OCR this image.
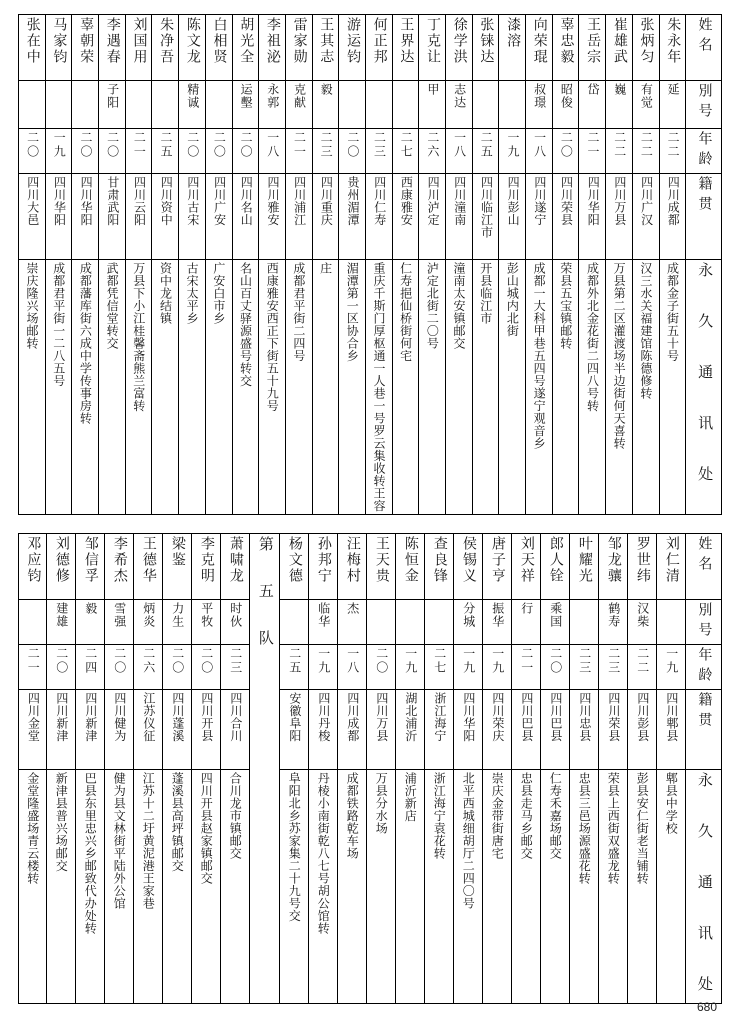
姓名	朱永年	张炳匀	崔雄武	王岳宗	辜忠毅	向荣琨	漆溶	张铼达	徐学洪	丁克让	王界达	何正邦	游运钧	王其志	雷家勋	李祖泌	胡光全	白相贤	陈文龙	朱净吾	刘国用	李遇春	辜朝荣	马家钧	张在中

別号	延	有觉	巍	岱	昭俊	叔璟			志达	甲				毅	克献	永郭	运墼		精诚			子阳			

年龄	二二	二二	二二	二一	二〇	一八	一九	二五	一八	二六	二七	二三	二〇	二三	二一	一八	二〇	二〇	二〇	二五	二一	二〇	二〇	一九	二〇

籍贯	四川成都	四川广汉	四川万县	四川华阳	四川荣县	四川遂宁	四川彭山	四川临江市	四川潼南	四川泸定	西康雅安	四川仁寿	贵州湄潭	四川重庆	四川浦江	四川雅安	四川名山	四川广安	四川古宋	四川资中	四川云阳	甘肃武阳	四川华阳	四川华阳	四川大邑

永 久 通 讯 处	成都金子街五十号	汉三水关福建馆陈德修转	万县第二区灌渡场半边街何天喜转	成都外北金花街二四八号转	荣县五宝镇邮转	成都一大科甲巷五四号遂宁观音乡	彭山城内北街	开县临江市	潼南太安镇邮交	泸定北街二〇号	仁寿挹仙桥街何宅	重庆千斯门厚枢通一人巷一号罗云集收转王容	湄潭第一区协合乡	庄	成都君平街二四号	西康雅安西正下街五十九号	名山百丈驿源盛号转交	广安白市乡	古宋太平乡	资中龙结镇	万县下小江桂馨斋熊兰富转	武都凭信堂转交	成都藩库街六成中学传事房转	成都君平街一二八五号	崇庆隆兴场邮转
姓名	刘仁清	罗世纬	邹龙骧	叶耀光	郎人铨	刘天祥	唐子亨	侯锡义	查良锋	陈恒金	王天贵	汪梅村	孙邦宁	杨文德	第 五 队	萧啸龙	李克明	梁鉴	王德华	李希杰	邹信孚	刘德修	邓应钧

別号		汉柴	鹤寿		乘国	行	振华	分城				杰	临华			时伙	平牧	力生	炳炎	雪强	毅	建雄	

年龄	一九	二二	二三	二三	二〇	二一	一九	一九	二七	一九	二〇	一八	一九	二五		二三	二〇	二〇	二六	二〇	二四	二〇	二一

籍贯	四川郫县	四川彭县	四川荣县	四川忠县	四川巴县	四川巴县	四川荣庆	四川华阳	浙江海宁	湖北浦沂	四川万县	四川成都	四川丹梭	安徽阜阳		四川合川	四川开县	四川蓬溪	江苏仪征	四川健为	四川新津	四川新津	四川金堂

永 久 通 讯 处	郫县中学校	彭县安仁街老当铺转	荣县上西街双盛龙转	忠县三邑场源盛花转	仁寿禾嘉场邮交	忠县走马乡邮交	崇庆金带街唐宅	北平西城细胡厅二四〇号	浙江海宁袁花转	浦沂新店	万县分水场	成都铁路乾车场	丹棱小南街乾八七号胡公馆转	阜阳北乡苏家集二十九号交		合川龙市镇邮交	四川开县赵家镇邮交	蓬溪县高坪镇邮交	江苏十二圩黄泥港王家巷	健为县文林街平陆外公馆	巴县东里忠兴乡邮致代办处转	新津县普兴场邮交	金堂隆盛场青云楼转
680
